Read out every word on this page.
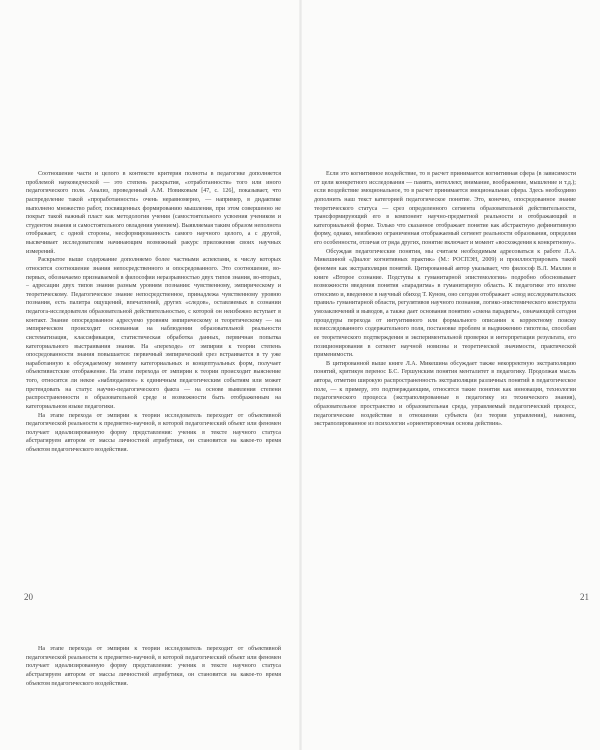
Соотношение части и целого в контексте критерия полноты в педагогике дополняется проблемой науковедческой — это степень раскрытия, «отработанности» того или иного педагогического поля. Анализ, проведенный А.М. Новиковым [47, с. 126], показывает, что распределение такой «проработанности» очень неравномерно, — например, в дидактике выполнено множество работ, посвященных формированию мышления, при этом совершенно не покрыт такой важный пласт как методология учения (самостоятельного усвоения учеником и студентом знания и самостоятельного овладения умением). Выявляемая таким образом неполнота отображает, с одной стороны, несформированность самого научного целого, а с другой, высвечивает исследователям начинающим возможный ракурс приложения своих научных измерений.

Раскрытое выше содержание дополняемо более частными аспектами, к числу которых относится соотношение знания непосредственного и опосредованного. Это соотношение, во-первых, обозначаемо признаваемой в философии неразрывностью двух типов знания, во-вторых, – адресации двух типов знания разным уровням познания: чувственному, эмпирическому и теоретическому. Педагогическое знание непосредственное, принадлежа чувственному уровню познания, есть палитра ощущений, впечатлений, других «следов», оставляемых в сознании педагога-исследователя образовательной действительностью, с которой он неизбежно вступает в контакт. Знание опосредованное адресуемо уровням эмпирическому и теоретическому — на эмпирическом происходит основанная на наблюдении образовательной реальности систематизация, классификация, статистическая обработка данных, первичная попытка категориального выстраивания знания. На «переходе» от эмпирии к теории степень опосредованности знания повышается: первичный эмпирический срез встраивается в ту уже наработанную к обсуждаемому моменту категориальных и концептуальных форм, получает объективистские отображение. На этапе перехода от эмпирии к теории происходит выяснение того, относится ли некое «наблюдаемое» к единичным педагогическим событиям или может претендовать на статус научно-педагогического факта — на основе выявления степени распространенности в образовательной среде и возможности быть отображенным на категориальном языке педагогики.

На этапе перехода от эмпирии к теории исследователь переходит от объективной педагогической реальности к предметно-научной, в которой педагогический объект или феномен получает идеализированную форму представления: ученик в тексте научного статуса абстрагируем автором от массы личностной атрибутики, он становится на какое-то время объектом педагогического воздействия.

20

Если это когнитивное воздействие, то в расчет принимается когнитивная сфера (в зависимости от цели конкретного исследования — память, интеллект, внимание, воображение, мышление и т.д.); если воздействие эмоциональное, то в расчет принимается эмоциональная сфера. Здесь необходимо дополнить наш текст категорией педагогическое понятие. Это, конечно, опосредованное знание теоретического статуса — срез определенного сегмента образовательной действительности, трансформирующий его в компонент научно-предметной реальности и отображающий в категориальной форме. Только что сказанное отображает понятие как абстрактную дефинитивную форму, однако, неизбежно ограниченная отображаемый сегмент реальности образования, определяя его особенности, отличая от ряда других, понятие включает и момент «восхождения к конкретному».

Обсуждая педагогические понятия, мы считаем необходимым адресоваться к работе Л.А. Микешиной «Диалог когнитивных практик» (М.: РОСПЭН, 2009) и проиллюстрировать такой феномен как экстраполяция понятий. Цитированный автор указывает, что философ В.Л. Махлин в книге «Второе сознание. Подступы к гуманитарной эпистемологии» подробно обосновывает возможности введения понятия «парадигма» в гуманитарную область. К педагогике это вполне относимо и, введенное в научный обиход Т. Куном, оно сегодня отображает «свод исследовательских правил» гуманитарной области, регулятивов научного познания, логико-эпистемического конструкта умозаключений и выводов, а также дает основания понятию «смена парадигм», означающей сегодня процедуры перехода от интуитивного или формального описания к корректному поиску всеисследованного содержательного поля, постановке проблем и выдвижению гипотезы, способам ее теоретического подтверждения и экспериментальной проверки и интерпретации результата, его позиционирования в сегмент научной новизны и теоретической значимости, практической применимости.

В цитированной выше книге Л.А. Микешина обсуждает также некорректную экстраполяцию понятий, критикуя перенос Б.С. Гершунским понятия менталитет в педагогику. Продолжая мысль автора, отметим широкую распространенность экстраполяции различных понятий в педагогическое поле, — к примеру, это подтверждающим, относятся такие понятия как инновации, технологии педагогического процесса (экстраполированные в педагогику из технического знания), образовательное пространство и образовательная среда, управляемый педагогический процесс, педагогические воздействие в отношении субъекта (из теории управления), наконец, экстраполированное из психологии «ориентировочная основа действия».

21

На этапе перехода от эмпирии к теории исследователь переходит от объективной педагогической реальности к предметно-научной, в которой педагогический объект или феномен получает идеализированную форму представления: ученик в тексте научного статуса абстрагируем автором от массы личностной атрибутики, он становится на какое-то время объектом педагогического воздействия.
